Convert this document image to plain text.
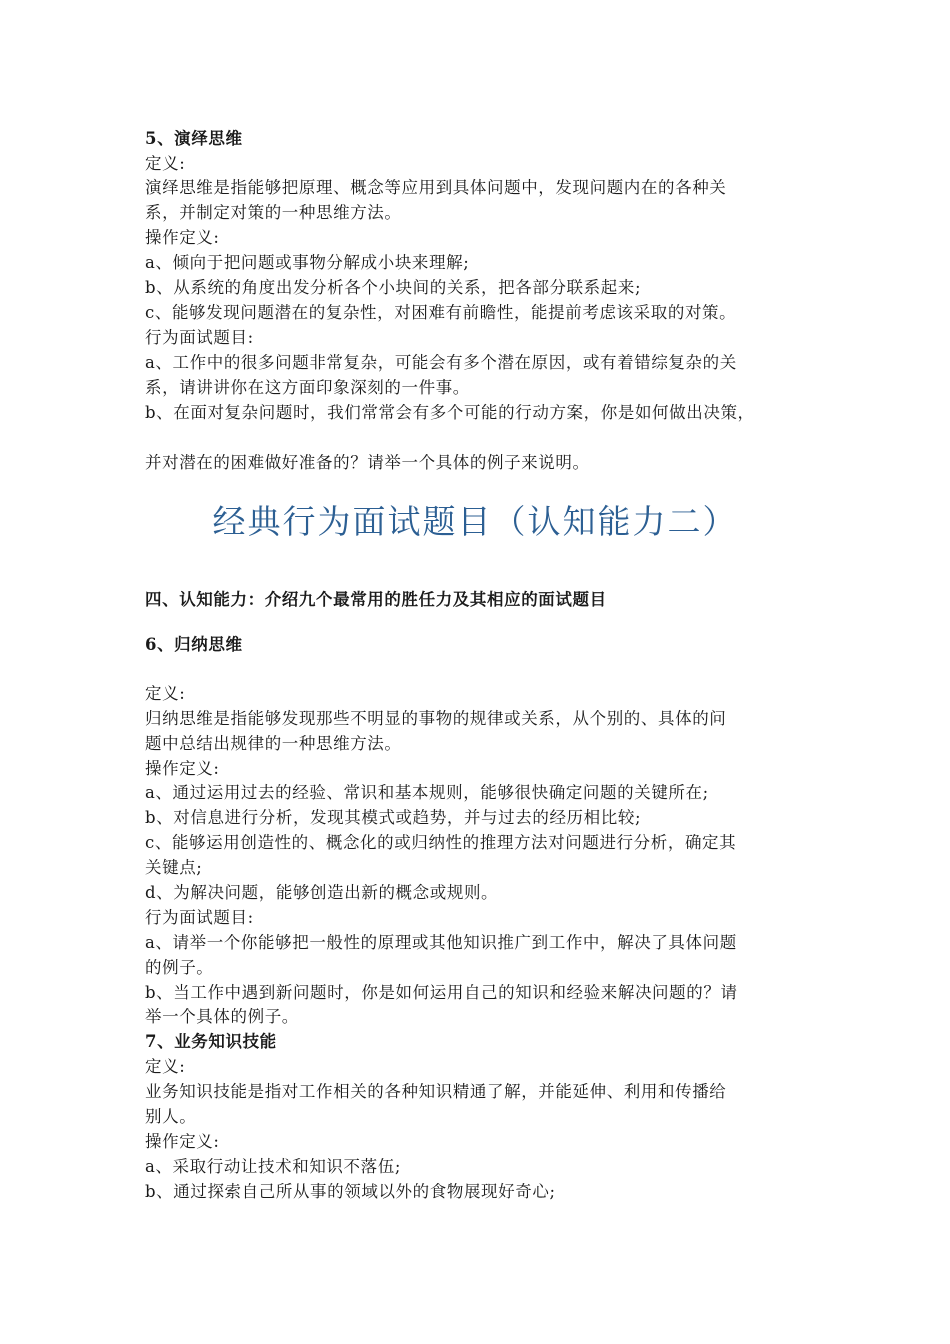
5、演绎思维

定义:

演绎思维是指能够把原理、概念等应用到具体问题中，发现问题内在的各种关

系，并制定对策的一种思维方法。

操作定义:

a、倾向于把问题或事物分解成小块来理解;

b、从系统的角度出发分析各个小块间的关系，把各部分联系起来;

c、能够发现问题潜在的复杂性，对困难有前瞻性，能提前考虑该采取的对策。

行为面试题目:

a、工作中的很多问题非常复杂，可能会有多个潜在原因，或有着错综复杂的关

系，请讲讲你在这方面印象深刻的一件事。

b、在面对复杂问题时，我们常常会有多个可能的行动方案，你是如何做出决策，

并对潜在的困难做好准备的？请举一个具体的例子来说明。

经典行为面试题目（认知能力二）

四、认知能力：介绍九个最常用的胜任力及其相应的面试题目

6、归纳思维

定义:

归纳思维是指能够发现那些不明显的事物的规律或关系，从个别的、具体的问

题中总结出规律的一种思维方法。

操作定义:

a、通过运用过去的经验、常识和基本规则，能够很快确定问题的关键所在;

b、对信息进行分析，发现其模式或趋势，并与过去的经历相比较;

c、能够运用创造性的、概念化的或归纳性的推理方法对问题进行分析，确定其

关键点;

d、为解决问题，能够创造出新的概念或规则。

行为面试题目:

a、请举一个你能够把一般性的原理或其他知识推广到工作中，解决了具体问题

的例子。

b、当工作中遇到新问题时，你是如何运用自己的知识和经验来解决问题的？请

举一个具体的例子。

7、业务知识技能

定义:

业务知识技能是指对工作相关的各种知识精通了解，并能延伸、利用和传播给

别人。

操作定义:

a、采取行动让技术和知识不落伍;

b、通过探索自己所从事的领域以外的食物展现好奇心;
